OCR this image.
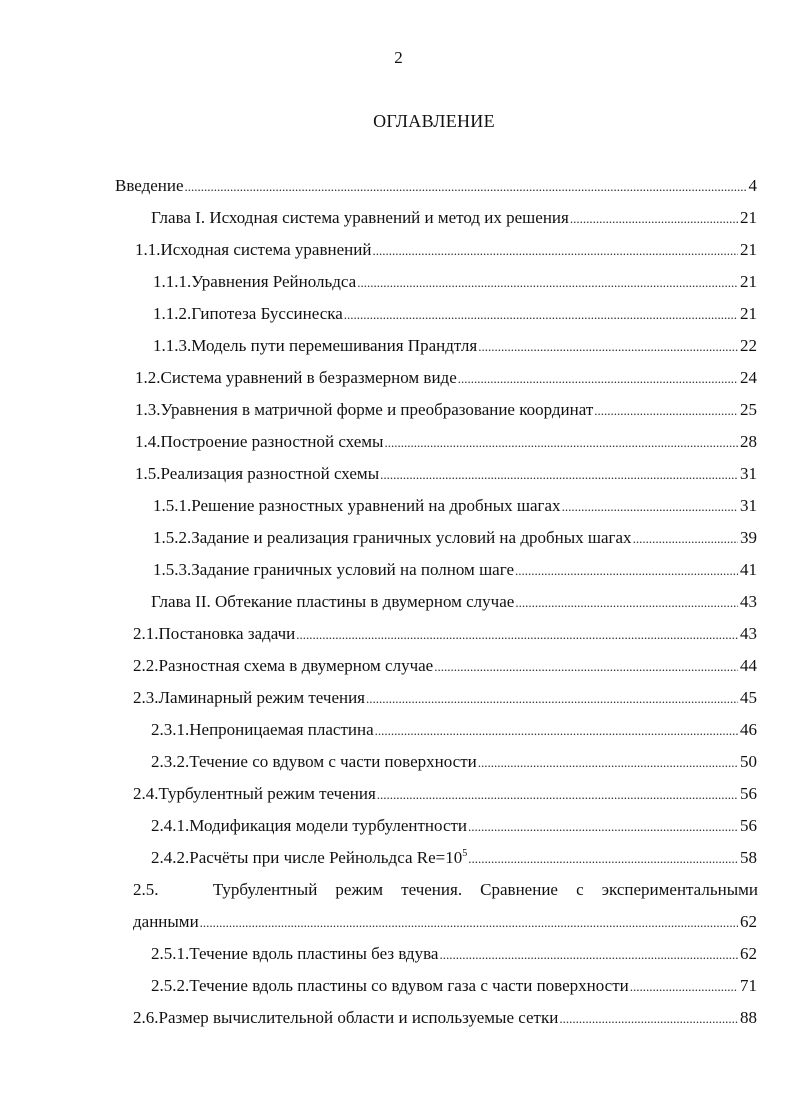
2
ОГЛАВЛЕНИЕ
Введение .....	4
Глава I. Исходная система уравнений и метод их решения .....	21
1.1. Исходная система уравнений .....	21
1.1.1. Уравнения Рейнольдса .....	21
1.1.2. Гипотеза Буссинеска .....	21
1.1.3. Модель пути перемешивания Прандтля .....	22
1.2. Система уравнений в безразмерном виде .....	24
1.3. Уравнения в матричной форме и преобразование координат .....	25
1.4. Построение разностной схемы .....	28
1.5. Реализация разностной схемы .....	31
1.5.1. Решение разностных уравнений на дробных шагах .....	31
1.5.2. Задание и реализация граничных условий на дробных шагах .....	39
1.5.3. Задание граничных условий на полном шаге .....	41
Глава II. Обтекание пластины в двумерном случае .....	43
2.1. Постановка задачи .....	43
2.2. Разностная схема в двумерном случае .....	44
2.3. Ламинарный режим течения .....	45
2.3.1. Непроницаемая пластина .....	46
2.3.2. Течение со вдувом с части поверхности .....	50
2.4. Турбулентный режим течения .....	56
2.4.1. Модификация модели турбулентности .....	56
2.4.2. Расчёты при числе Рейнольдса $Re=10^5$ .....	58
2.5.	Турбулентный режим течения. Сравнение с экспериментальными
данными .....	62
2.5.1. Течение вдоль пластины без вдува .....	62
2.5.2. Течение вдоль пластины со вдувом газа с части поверхности .....	71
2.6. Размер вычислительной области и используемые сетки .....	88
